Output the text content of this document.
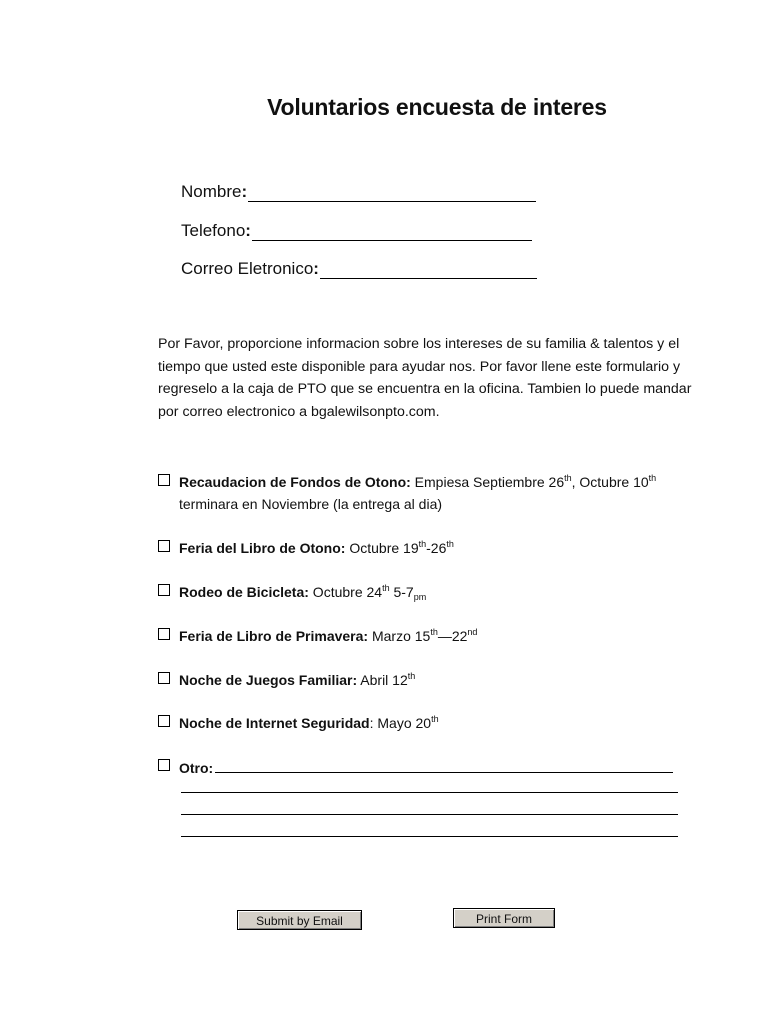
Voluntarios encuesta de interes
Nombre :
Telefono :
Correo Eletronico :
Por Favor, proporcione informacion sobre los intereses de su familia & talentos y el tiempo que usted este disponible para ayudar nos. Por favor llene este formulario y regreselo a la caja de PTO que se encuentra en la oficina. Tambien lo puede mandar por correo electronico a bgalewilsonpto.com.
Recaudacion de Fondos de Otono: Empiesa Septiembre 26th, Octubre 10th
terminara en Noviembre (la entrega al dia)
Feria del Libro de Otono: Octubre 19th-26th
Rodeo de Bicicleta: Octubre 24th $5-7_{pm}$
Feria de Libro de Primavera: Marzo 15th—22nd
Noche de Juegos Familiar: Abril 12th
Noche de Internet Seguridad: Mayo 20th
Otro:
Submit by Email	Print Form
